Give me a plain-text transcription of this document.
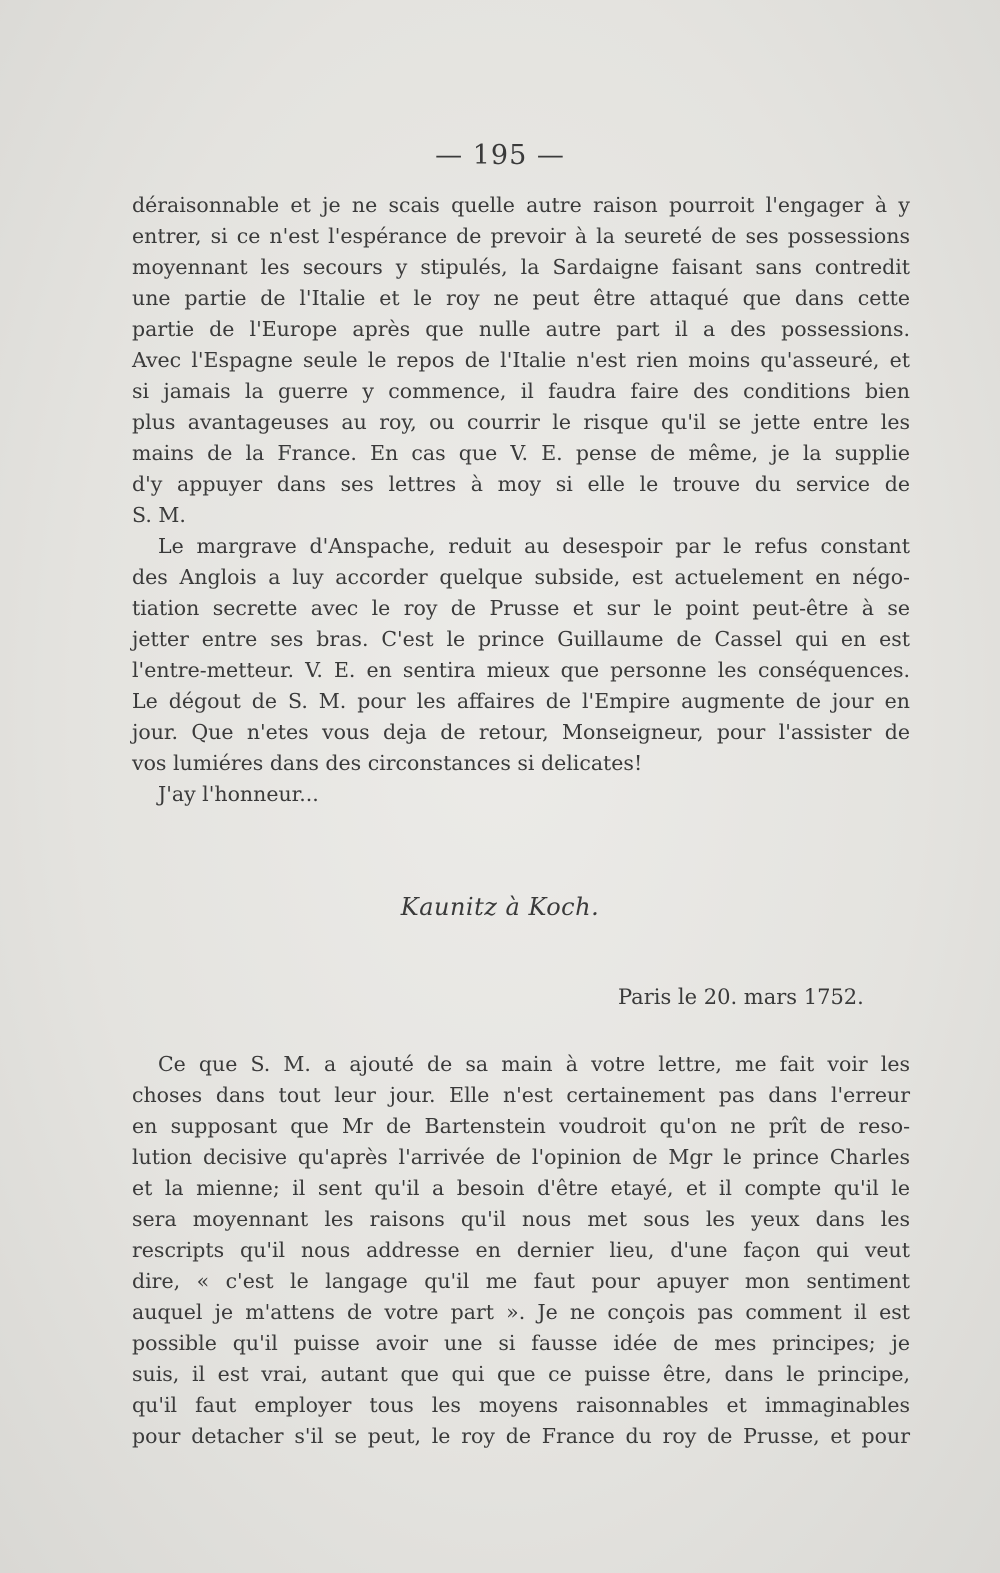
— 195 —
déraisonnable et je ne scais quelle autre raison pourroit l'engager à y
entrer, si ce n'est l'espérance de prevoir à la seureté de ses possessions
moyennant les secours y stipulés, la Sardaigne faisant sans contredit
une partie de l'Italie et le roy ne peut être attaqué que dans cette
partie de l'Europe après que nulle autre part il a des possessions.
Avec l'Espagne seule le repos de l'Italie n'est rien moins qu'asseuré, et
si jamais la guerre y commence, il faudra faire des conditions bien
plus avantageuses au roy, ou courrir le risque qu'il se jette entre les
mains de la France. En cas que V. E. pense de même, je la supplie
d'y appuyer dans ses lettres à moy si elle le trouve du service de
S. M.
Le margrave d'Anspache, reduit au desespoir par le refus constant
des Anglois a luy accorder quelque subside, est actuelement en négo-
tiation secrette avec le roy de Prusse et sur le point peut-être à se
jetter entre ses bras. C'est le prince Guillaume de Cassel qui en est
l'entre-metteur. V. E. en sentira mieux que personne les conséquences.
Le dégout de S. M. pour les affaires de l'Empire augmente de jour en
jour. Que n'etes vous deja de retour, Monseigneur, pour l'assister de
vos lumiéres dans des circonstances si delicates!
J'ay l'honneur...
Kaunitz à Koch.
Paris le 20. mars 1752.
Ce que S. M. a ajouté de sa main à votre lettre, me fait voir les
choses dans tout leur jour. Elle n'est certainement pas dans l'erreur
en supposant que Mr de Bartenstein voudroit qu'on ne prît de reso-
lution decisive qu'après l'arrivée de l'opinion de Mgr le prince Charles
et la mienne; il sent qu'il a besoin d'être etayé, et il compte qu'il le
sera moyennant les raisons qu'il nous met sous les yeux dans les
rescripts qu'il nous addresse en dernier lieu, d'une façon qui veut
dire, « c'est le langage qu'il me faut pour apuyer mon sentiment
auquel je m'attens de votre part ». Je ne conçois pas comment il est
possible qu'il puisse avoir une si fausse idée de mes principes; je
suis, il est vrai, autant que qui que ce puisse être, dans le principe,
qu'il faut employer tous les moyens raisonnables et immaginables
pour detacher s'il se peut, le roy de France du roy de Prusse, et pour
